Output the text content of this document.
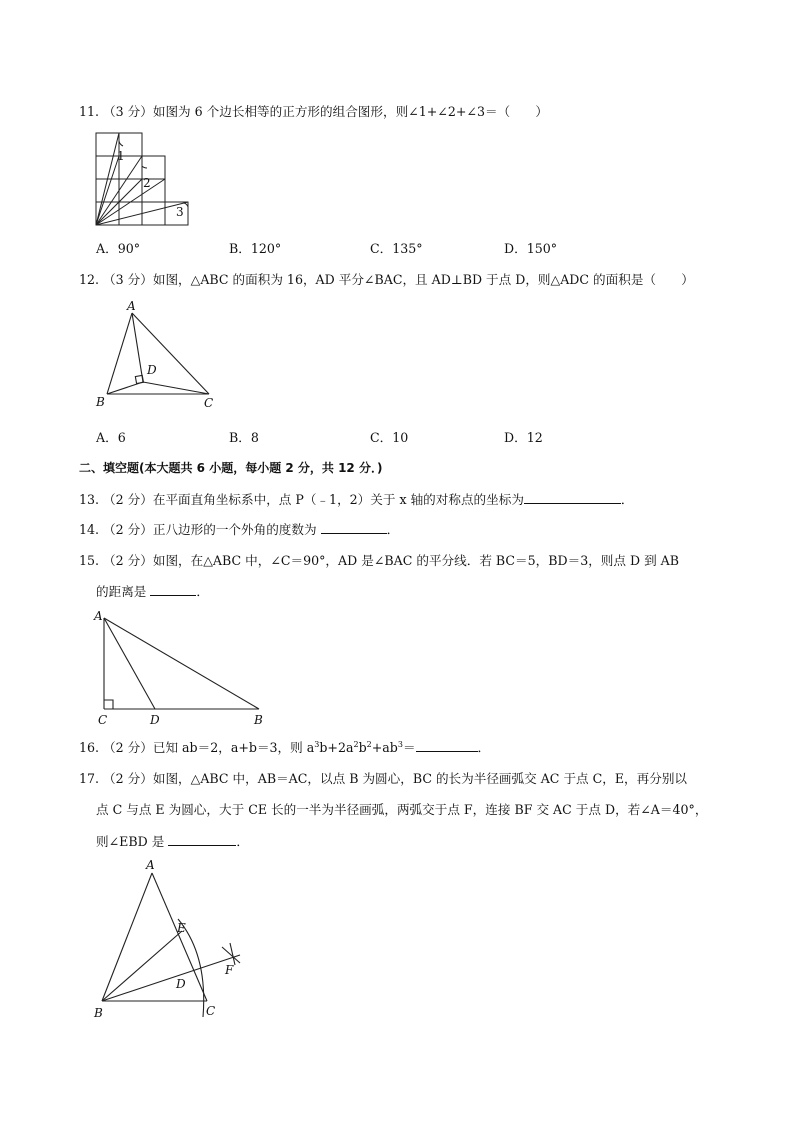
11. （3 分）如图为 6 个边长相等的正方形的组合图形，则∠1+∠2+∠3＝（　　）
1
2
3
A．90°	B．120°	C．135°	D．150°
12. （3 分）如图，△ABC 的面积为 16，AD 平分∠BAC，且 AD⊥BD 于点 D，则△ADC 的面积是（　　）
A
B	C
D
A．6	B．8	C．10	D．12
二、填空题(本大题共 6 小题，每小题 2 分，共 12 分．)
13. （2 分）在平面直角坐标系中，点 P（﹣1，2）关于 x 轴的对称点的坐标为	．
14. （2 分）正八边形的一个外角的度数为	．
15. （2 分）如图，在△ABC 中，∠C＝90°，AD 是∠BAC 的平分线．若 BC＝5，BD＝3，则点 D 到 AB
的距离是	．
A
C	D	B
16. （2 分）已知 ab＝2，a+b＝3，则 $a^3b+2a^2b^2+ab^3=$	．
17. （2 分）如图，△ABC 中，AB＝AC，以点 B 为圆心，BC 的长为半径画弧交 AC 于点 C，E，再分别以
点 C 与点 E 为圆心，大于 CE 长的一半为半径画弧，两弧交于点 F，连接 BF 交 AC 于点 D，若∠A＝40°，
则∠EBD 是	．
A
E
F
D
B	C
